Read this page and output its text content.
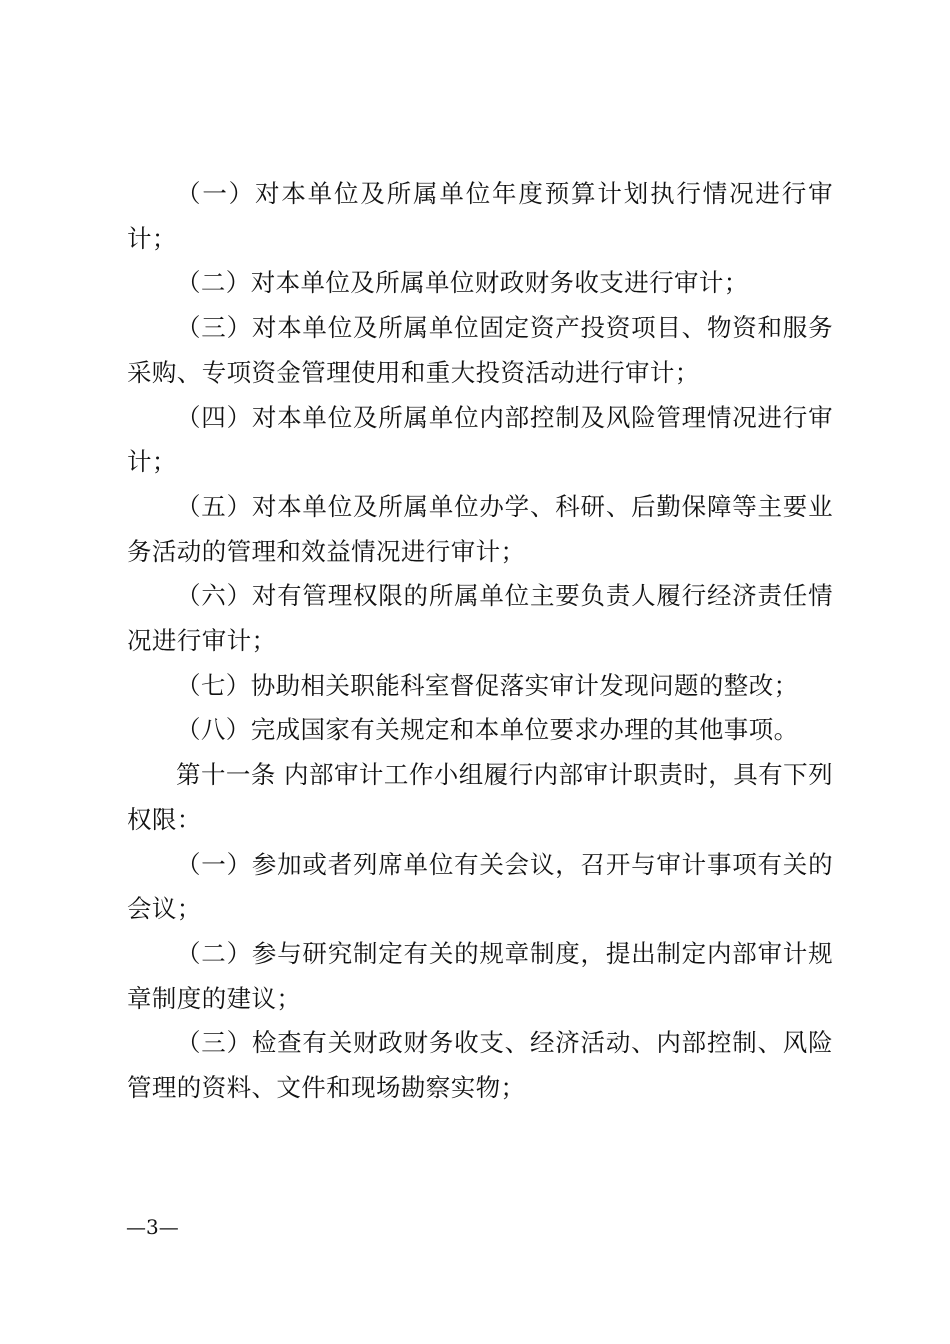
（一）对本单位及所属单位年度预算计划执行情况进行审计；

（二）对本单位及所属单位财政财务收支进行审计；

（三）对本单位及所属单位固定资产投资项目、物资和服务采购、专项资金管理使用和重大投资活动进行审计；

（四）对本单位及所属单位内部控制及风险管理情况进行审计；

（五）对本单位及所属单位办学、科研、后勤保障等主要业务活动的管理和效益情况进行审计；

（六）对有管理权限的所属单位主要负责人履行经济责任情况进行审计；

（七）协助相关职能科室督促落实审计发现问题的整改；

（八）完成国家有关规定和本单位要求办理的其他事项。

第十一条 内部审计工作小组履行内部审计职责时，具有下列权限：

（一）参加或者列席单位有关会议，召开与审计事项有关的会议；

（二）参与研究制定有关的规章制度，提出制定内部审计规章制度的建议；

（三）检查有关财政财务收支、经济活动、内部控制、风险管理的资料、文件和现场勘察实物；

—3—
